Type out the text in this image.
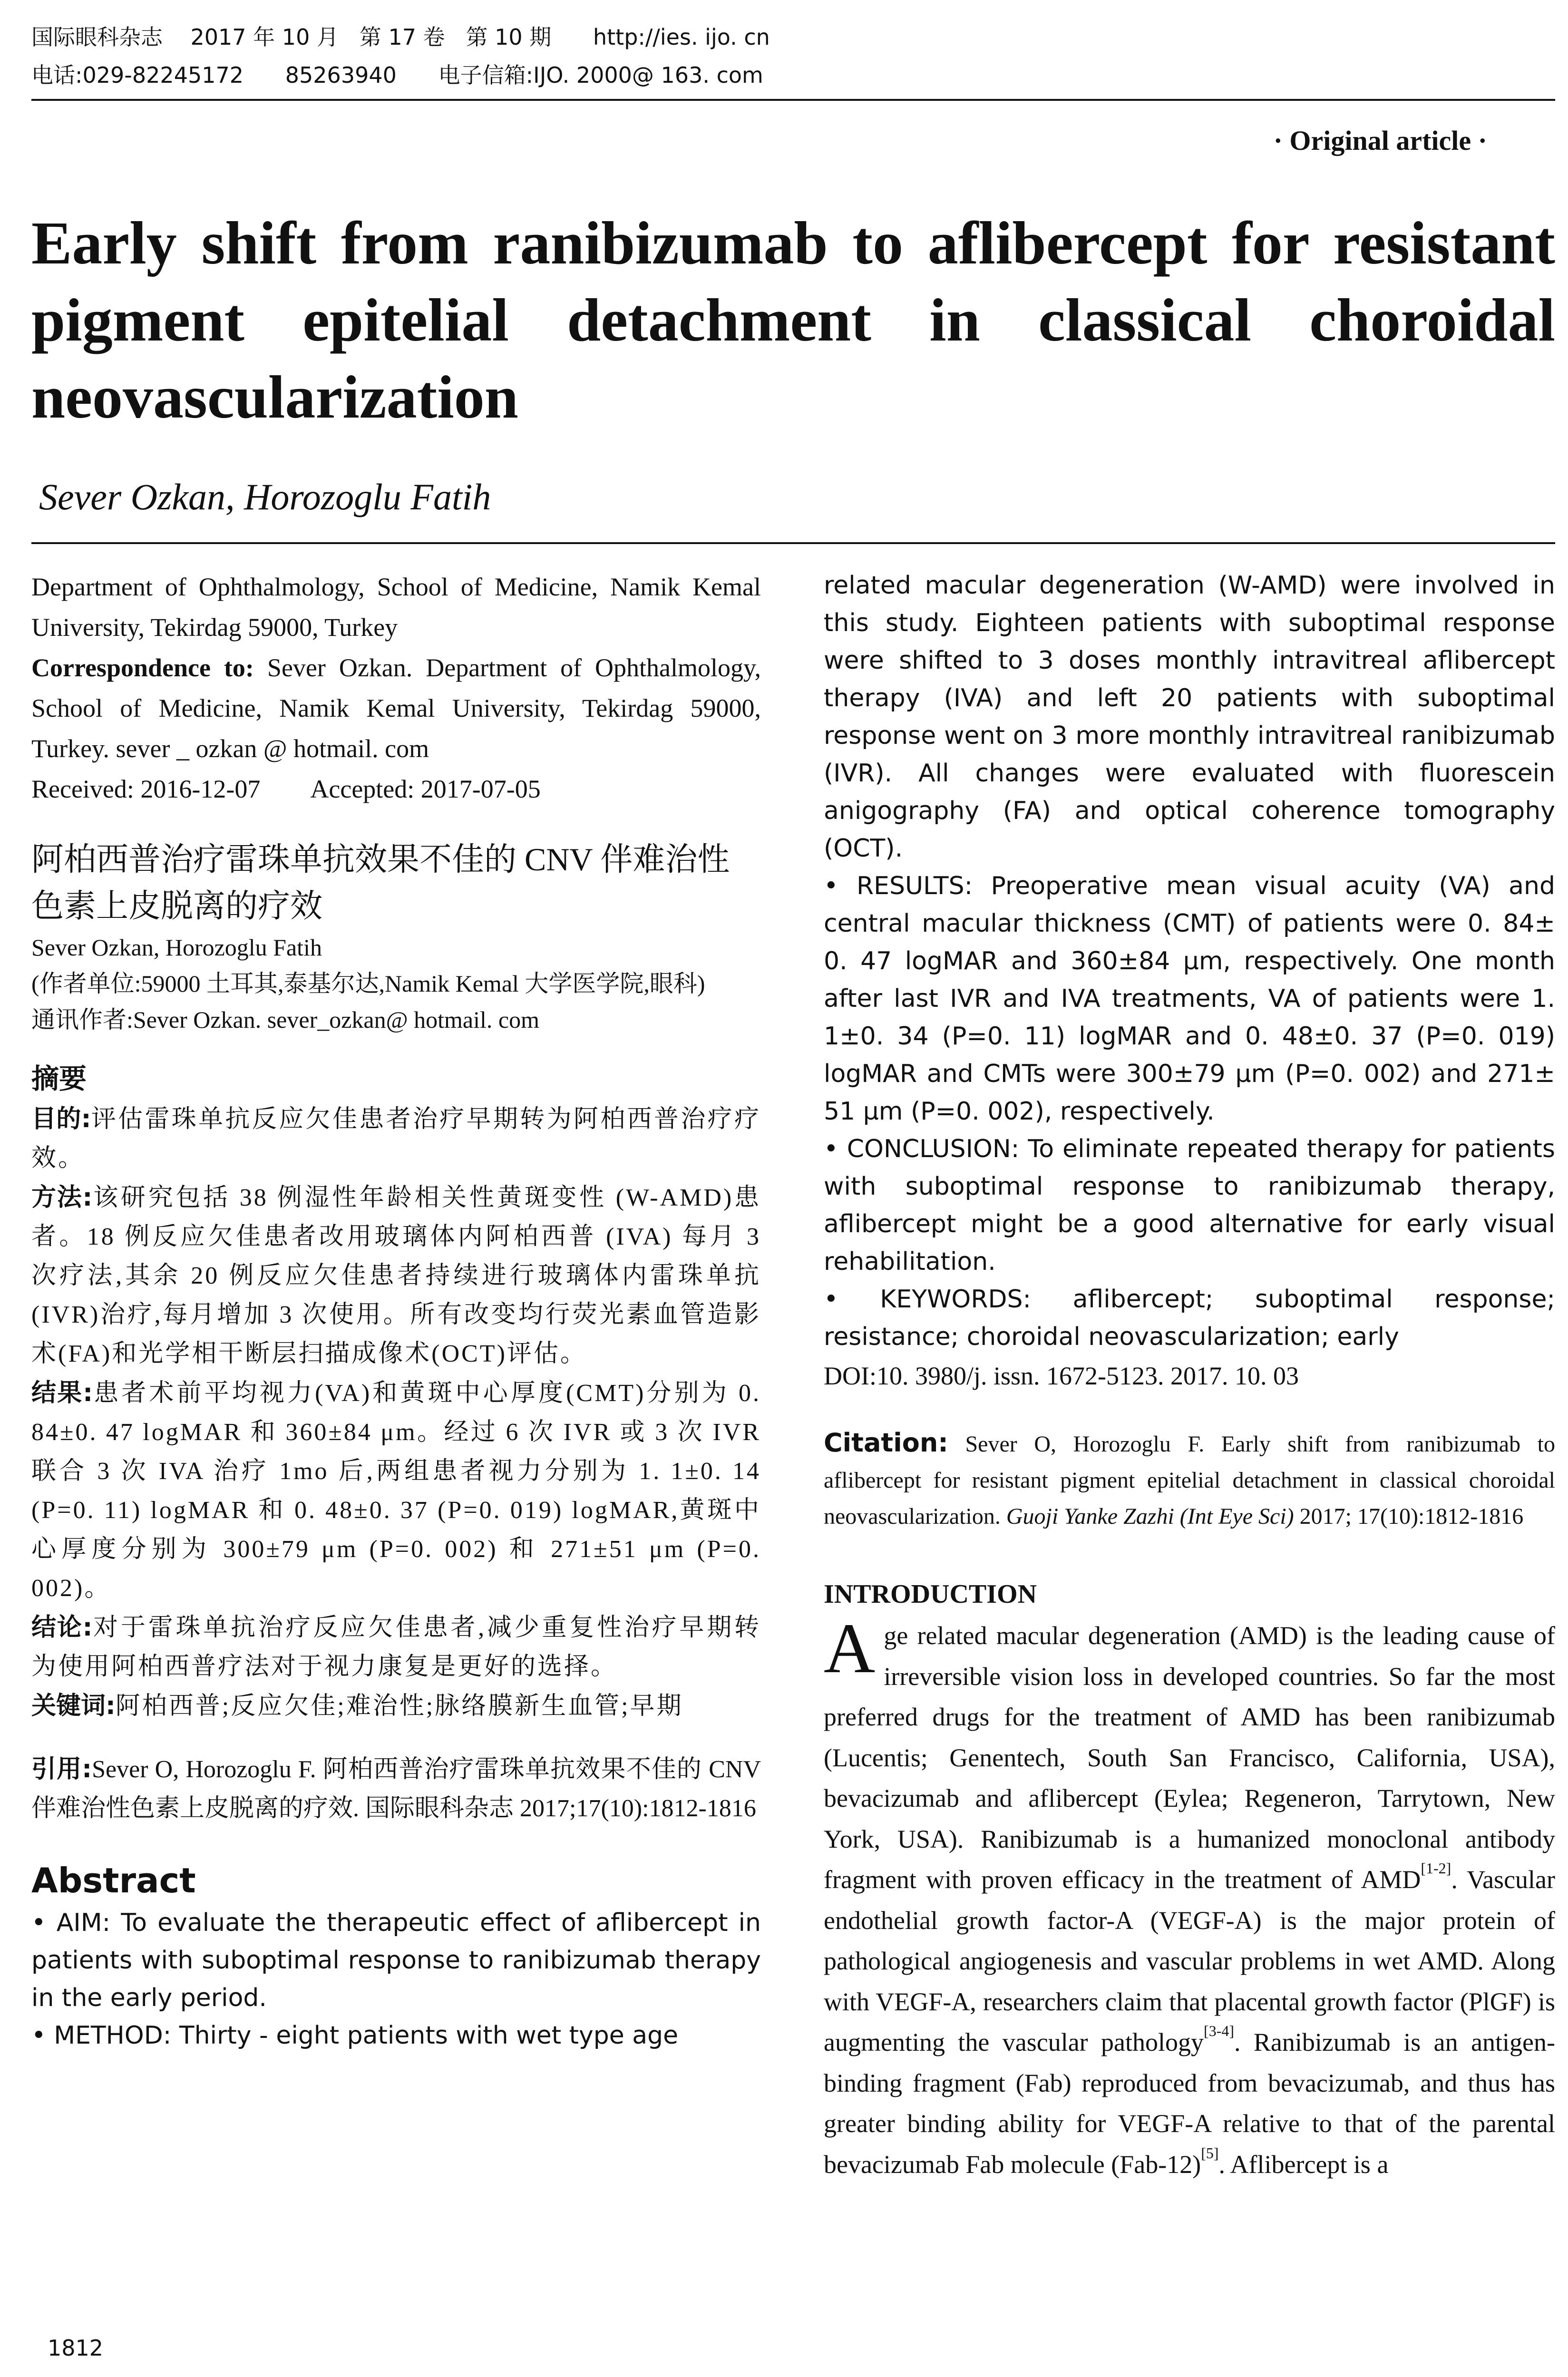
国际眼科杂志    2017 年 10 月   第 17 卷   第 10 期      http://ies. ijo. cn
电话:029-82245172      85263940      电子信箱:IJO. 2000@ 163. com
· Original article ·
Early shift from ranibizumab to aflibercept for resistant pigment epitelial detachment in classical choroidal neovascularization
Sever Ozkan, Horozoglu Fatih

Department of Ophthalmology, School of Medicine, Namik Kemal University, Tekirdag 59000, Turkey

Correspondence to: Sever Ozkan. Department of Ophthalmology, School of Medicine, Namik Kemal University, Tekirdag 59000, Turkey. sever _ ozkan @ hotmail. com

Received: 2016-12-07 Accepted: 2017-07-05

阿柏西普治疗雷珠单抗效果不佳的 CNV 伴难治性色素上皮脱离的疗效

Sever Ozkan, Horozoglu Fatih

(作者单位:59000 土耳其,泰基尔达,Namik Kemal 大学医学院,眼科)

通讯作者:Sever Ozkan. sever_ozkan@ hotmail. com

摘要

目的:评估雷珠单抗反应欠佳患者治疗早期转为阿柏西普治疗疗效。

方法:该研究包括 38 例湿性年龄相关性黄斑变性 (W-AMD)患者。18 例反应欠佳患者改用玻璃体内阿柏西普 (IVA) 每月 3 次疗法,其余 20 例反应欠佳患者持续进行玻璃体内雷珠单抗(IVR)治疗,每月增加 3 次使用。所有改变均行荧光素血管造影术(FA)和光学相干断层扫描成像术(OCT)评估。

结果:患者术前平均视力(VA)和黄斑中心厚度(CMT)分别为 0. 84±0. 47 logMAR 和 360±84 μm。经过 6 次 IVR 或 3 次 IVR 联合 3 次 IVA 治疗 1mo 后,两组患者视力分别为 1. 1±0. 14 (P=0. 11) logMAR 和 0. 48±0. 37 (P=0. 019) logMAR,黄斑中心厚度分别为 300±79 μm (P=0. 002) 和 271±51 μm (P=0. 002)。

结论:对于雷珠单抗治疗反应欠佳患者,减少重复性治疗早期转为使用阿柏西普疗法对于视力康复是更好的选择。

关键词:阿柏西普;反应欠佳;难治性;脉络膜新生血管;早期

引用:Sever O, Horozoglu F. 阿柏西普治疗雷珠单抗效果不佳的 CNV 伴难治性色素上皮脱离的疗效. 国际眼科杂志 2017;17(10):1812-1816

Abstract

• AIM: To evaluate the therapeutic effect of aflibercept in patients with suboptimal response to ranibizumab therapy in the early period.

• METHOD: Thirty - eight patients with wet type age

related macular degeneration (W-AMD) were involved in this study. Eighteen patients with suboptimal response were shifted to 3 doses monthly intravitreal aflibercept therapy (IVA) and left 20 patients with suboptimal response went on 3 more monthly intravitreal ranibizumab (IVR). All changes were evaluated with fluorescein anigography (FA) and optical coherence tomography (OCT).

• RESULTS: Preoperative mean visual acuity (VA) and central macular thickness (CMT) of patients were 0. 84± 0. 47 logMAR and 360±84 μm, respectively. One month after last IVR and IVA treatments, VA of patients were 1. 1±0. 34 (P=0. 11) logMAR and 0. 48±0. 37 (P=0. 019) logMAR and CMTs were 300±79 μm (P=0. 002) and 271± 51 μm (P=0. 002), respectively.

• CONCLUSION: To eliminate repeated therapy for patients with suboptimal response to ranibizumab therapy, aflibercept might be a good alternative for early visual rehabilitation.

• KEYWORDS: aflibercept; suboptimal response; resistance; choroidal neovascularization; early

DOI:10. 3980/j. issn. 1672-5123. 2017. 10. 03

Citation: Sever O, Horozoglu F. Early shift from ranibizumab to aflibercept for resistant pigment epitelial detachment in classical choroidal neovascularization. Guoji Yanke Zazhi (Int Eye Sci) 2017; 17(10):1812-1816

INTRODUCTION

Age related macular degeneration (AMD) is the leading cause of irreversible vision loss in developed countries. So far the most preferred drugs for the treatment of AMD has been ranibizumab (Lucentis; Genentech, South San Francisco, California, USA), bevacizumab and aflibercept (Eylea; Regeneron, Tarrytown, New York, USA). Ranibizumab is a humanized monoclonal antibody fragment with proven efficacy in the treatment of AMD[1-2]. Vascular endothelial growth factor-A (VEGF-A) is the major protein of pathological angiogenesis and vascular problems in wet AMD. Along with VEGF-A, researchers claim that placental growth factor (PlGF) is augmenting the vascular pathology[3-4]. Ranibizumab is an antigen-binding fragment (Fab) reproduced from bevacizumab, and thus has greater binding ability for VEGF-A relative to that of the parental bevacizumab Fab molecule (Fab-12)[5]. Aflibercept is a

1812
